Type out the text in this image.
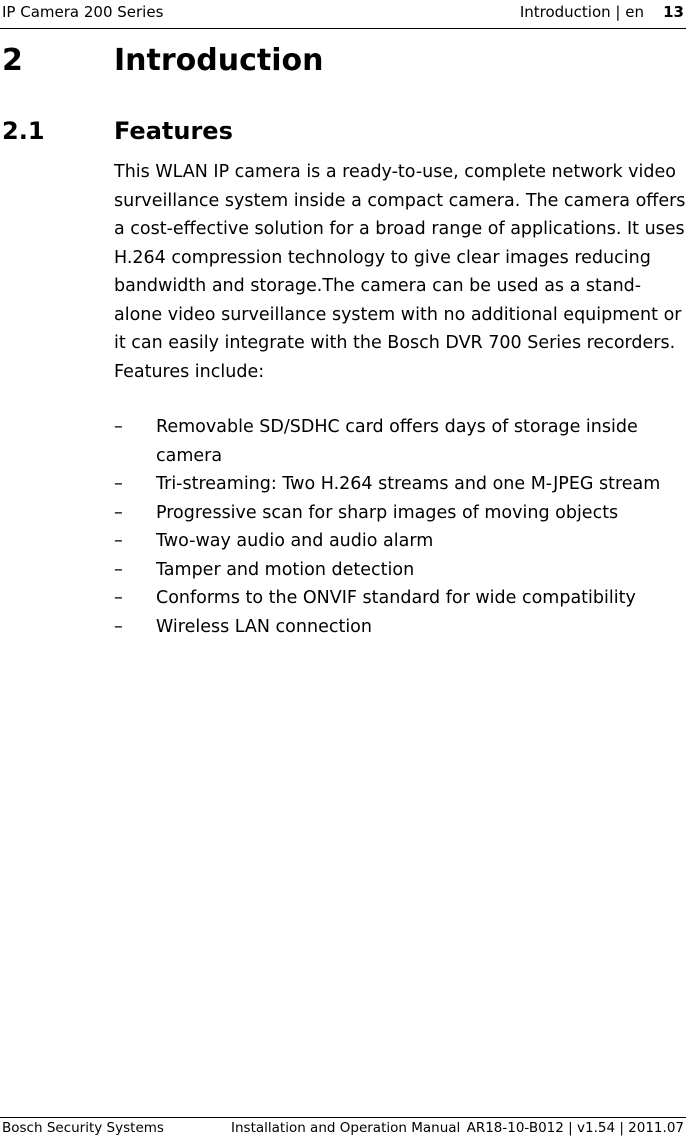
IP Camera 200 Series	Introduction | en 13
2	Introduction
2.1	Features

This WLAN IP camera is a ready-to-use, complete network video surveillance system inside a compact camera. The camera offers a cost-effective solution for a broad range of applications. It uses H.264 compression technology to give clear images reducing bandwidth and storage.The camera can be used as a stand-alone video surveillance system with no additional equipment or it can easily integrate with the Bosch DVR 700 Series recorders.

Features include:

– Removable SD/SDHC card offers days of storage inside camera
– Tri-streaming: Two H.264 streams and one M-JPEG stream
– Progressive scan for sharp images of moving objects
– Two-way audio and audio alarm
– Tamper and motion detection
– Conforms to the ONVIF standard for wide compatibility
– Wireless LAN connection
Bosch Security Systems	Installation and Operation Manual AR18-10-B012 | v1.54 | 2011.07
